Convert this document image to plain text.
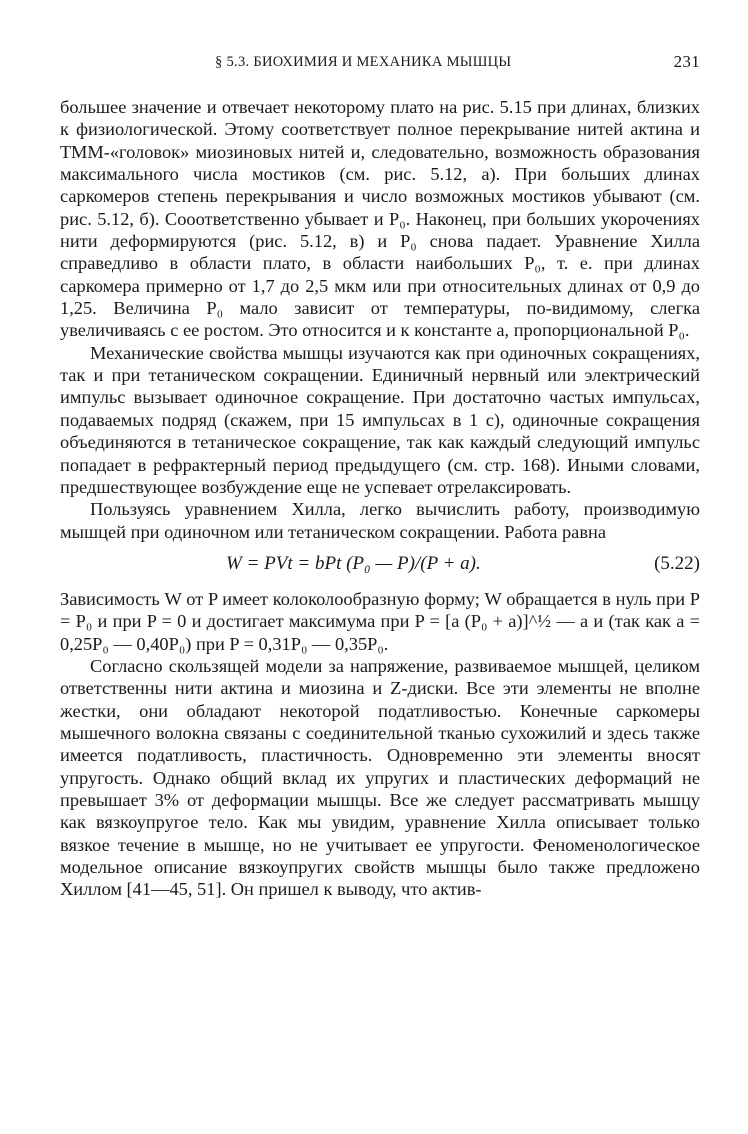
§ 5.3. БИОХИМИЯ И МЕХАНИКА МЫШЦЫ	231

большее значение и отвечает некоторому плато на рис. 5.15 при длинах, близких к физиологической. Этому соответствует полное перекрывание нитей актина и ТММ-«головок» миозиновых нитей и, следовательно, возможность образования максимального числа мостиков (см. рис. 5.12, а). При больших длинах саркомеров степень перекрывания и число возможных мостиков убывают (см. рис. 5.12, б). Сооответственно убывает и P₀. Наконец, при больших укорочениях нити деформируются (рис. 5.12, в) и P₀ снова падает. Уравнение Хилла справедливо в области плато, в области наибольших P₀, т. е. при длинах саркомера примерно от 1,7 до 2,5 мкм или при относительных длинах от 0,9 до 1,25. Величина P₀ мало зависит от температуры, по-видимому, слегка увеличиваясь с ее ростом. Это относится и к константе a, пропорциональной P₀.

Механические свойства мышцы изучаются как при одиночных сокращениях, так и при тетаническом сокращении. Единичный нервный или электрический импульс вызывает одиночное сокращение. При достаточно частых импульсах, подаваемых подряд (скажем, при 15 импульсах в 1 с), одиночные сокращения объединяются в тетаническое сокращение, так как каждый следующий импульс попадает в рефрактерный период предыдущего (см. стр. 168). Иными словами, предшествующее возбуждение еще не успевает отрелаксировать.

Пользуясь уравнением Хилла, легко вычислить работу, производимую мышцей при одиночном или тетаническом сокращении. Работа равна

W = PVt = bPt (P₀ — P)/(P + a).	(5.22)

Зависимость W от P имеет колоколообразную форму; W обращается в нуль при P = P₀ и при P = 0 и достигает максимума при P = [a (P₀ + a)]^½ — a и (так как a = 0,25P₀ — 0,40P₀) при P = 0,31P₀ — 0,35P₀.

Согласно скользящей модели за напряжение, развиваемое мышцей, целиком ответственны нити актина и миозина и Z-диски. Все эти элементы не вполне жестки, они обладают некоторой податливостью. Конечные саркомеры мышечного волокна связаны с соединительной тканью сухожилий и здесь также имеется податливость, пластичность. Одновременно эти элементы вносят упругость. Однако общий вклад их упругих и пластических деформаций не превышает 3% от деформации мышцы. Все же следует рассматривать мышцу как вязкоупругое тело. Как мы увидим, уравнение Хилла описывает только вязкое течение в мышце, но не учитывает ее упругости. Феноменологическое модельное описание вязкоупругих свойств мышцы было также предложено Хиллом [41—45, 51]. Он пришел к выводу, что актив-
